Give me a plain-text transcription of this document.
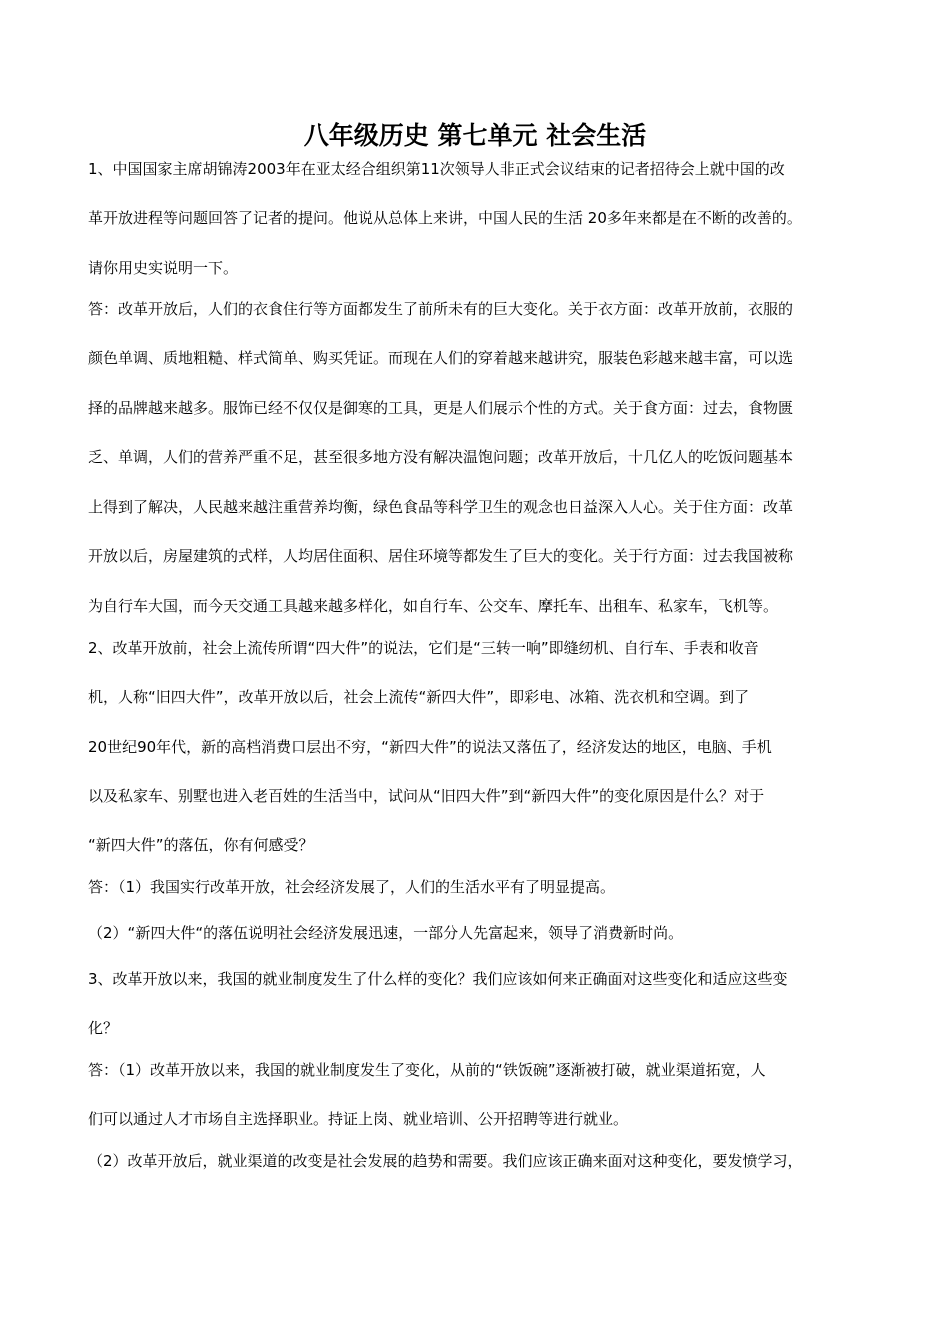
八年级历史 第七单元 社会生活
1、中国国家主席胡锦涛2003年在亚太经合组织第11次领导人非正式会议结束的记者招待会上就中国的改
革开放进程等问题回答了记者的提问。他说从总体上来讲，中国人民的生活 20多年来都是在不断的改善的。
请你用史实说明一下。
答：改革开放后，人们的衣食住行等方面都发生了前所未有的巨大变化。关于衣方面：改革开放前，衣服的
颜色单调、质地粗糙、样式简单、购买凭证。而现在人们的穿着越来越讲究，服装色彩越来越丰富，可以选
择的品牌越来越多。服饰已经不仅仅是御寒的工具，更是人们展示个性的方式。关于食方面：过去，食物匮
乏、单调，人们的营养严重不足，甚至很多地方没有解决温饱问题；改革开放后，十几亿人的吃饭问题基本
上得到了解决，人民越来越注重营养均衡，绿色食品等科学卫生的观念也日益深入人心。关于住方面：改革
开放以后，房屋建筑的式样，人均居住面积、居住环境等都发生了巨大的变化。关于行方面：过去我国被称
为自行车大国，而今天交通工具越来越多样化，如自行车、公交车、摩托车、出租车、私家车，飞机等。
2、改革开放前，社会上流传所谓“四大件”的说法，它们是“三转一响”即缝纫机、自行车、手表和收音
机，人称“旧四大件”，改革开放以后，社会上流传“新四大件”，即彩电、冰箱、洗衣机和空调。到了
20世纪90年代，新的高档消费口层出不穷，“新四大件”的说法又落伍了，经济发达的地区，电脑、手机
以及私家车、别墅也进入老百姓的生活当中，试问从“旧四大件”到“新四大件”的变化原因是什么？对于
“新四大件”的落伍，你有何感受？
答：（1）我国实行改革开放，社会经济发展了，人们的生活水平有了明显提高。
（2）“新四大件“的落伍说明社会经济发展迅速，一部分人先富起来，领导了消费新时尚。
3、改革开放以来，我国的就业制度发生了什么样的变化？我们应该如何来正确面对这些变化和适应这些变
化？
答：（1）改革开放以来，我国的就业制度发生了变化，从前的“铁饭碗”逐渐被打破，就业渠道拓宽，人
们可以通过人才市场自主选择职业。持证上岗、就业培训、公开招聘等进行就业。
（2）改革开放后，就业渠道的改变是社会发展的趋势和需要。我们应该正确来面对这种变化，要发愤学习，
